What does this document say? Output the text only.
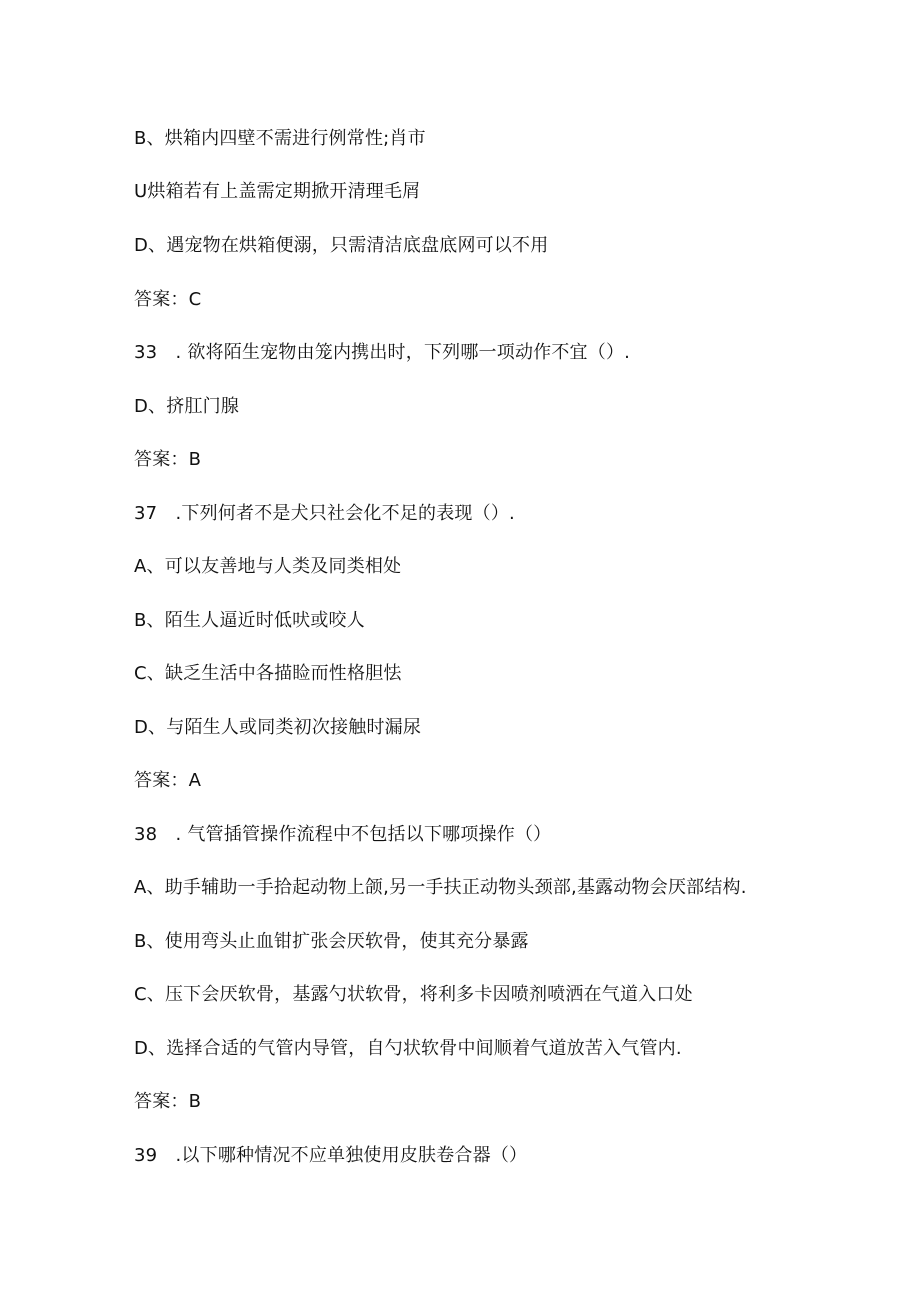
B、烘箱内四壁不需进行例常性;肖市
U烘箱若有上盖需定期掀开清理毛屑
D、遇宠物在烘箱便溺，只需清洁底盘底网可以不用
答案：C
33　. 欲将陌生宠物由笼内携出时，下列哪一项动作不宜（）.
D、挤肛门腺
答案：B
37　.下列何者不是犬只社会化不足的表现（）.
A、可以友善地与人类及同类相处
B、陌生人逼近时低吠或咬人
C、缺乏生活中各描睑而性格胆怯
D、与陌生人或同类初次接触时漏尿
答案：A
38　. 气管插管操作流程中不包括以下哪项操作（）
A、助手辅助一手拾起动物上颌,另一手扶正动物头颈部,基露动物会厌部结构.
B、使用弯头止血钳扩张会厌软骨，使其充分暴露
C、压下会厌软骨，基露勺状软骨，将利多卡因喷剂喷洒在气道入口处
D、选择合适的气管内导管，自勺状软骨中间顺着气道放苦入气管内.
答案：B
39　.以下哪种情况不应单独使用皮肤卷合器（）
